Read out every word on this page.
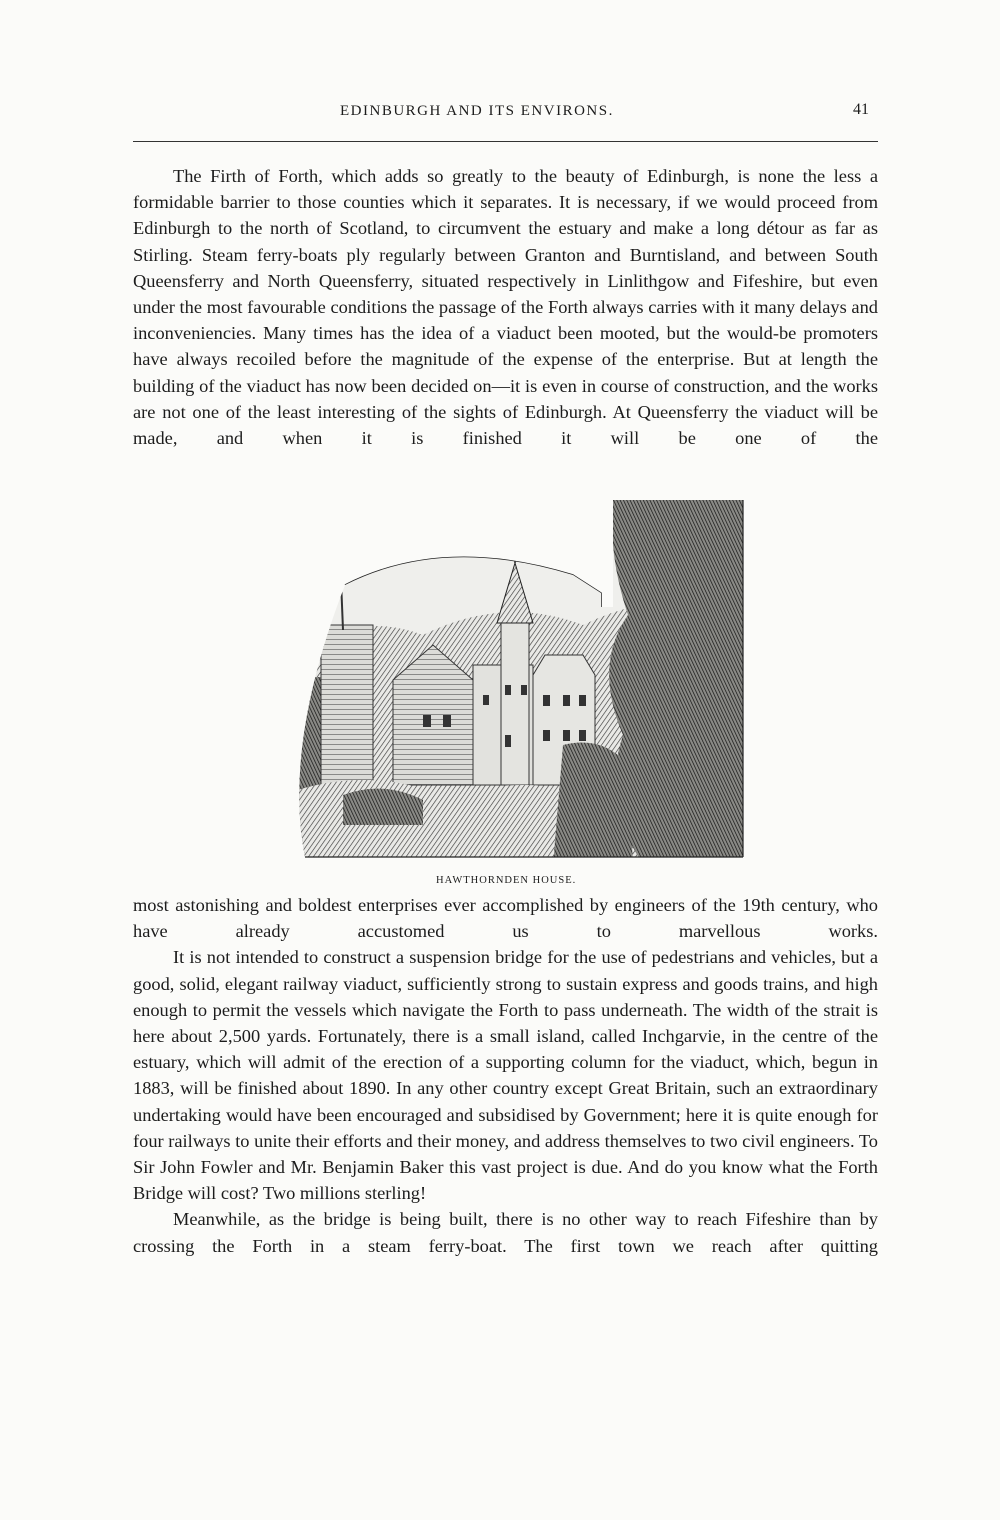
EDINBURGH AND ITS ENVIRONS.	41

The Firth of Forth, which adds so greatly to the beauty of Edinburgh, is none the less a formidable barrier to those counties which it separates. It is necessary, if we would proceed from Edinburgh to the north of Scotland, to circumvent the estuary and make a long détour as far as Stirling. Steam ferry-boats ply regularly between Granton and Burntisland, and between South Queensferry and North Queensferry, situated respectively in Linlithgow and Fifeshire, but even under the most favourable conditions the passage of the Forth always carries with it many delays and inconveniencies. Many times has the idea of a viaduct been mooted, but the would-be promoters have always recoiled before the magnitude of the expense of the enterprise. But at length the building of the viaduct has now been decided on—it is even in course of construction, and the works are not one of the least interesting of the sights of Edinburgh. At Queensferry the viaduct will be made, and when it is finished it will be one of the

HAWTHORNDEN HOUSE.

most astonishing and boldest enterprises ever accomplished by engineers of the 19th century, who have already accustomed us to marvellous works.

It is not intended to construct a suspension bridge for the use of pedestrians and vehicles, but a good, solid, elegant railway viaduct, sufficiently strong to sustain express and goods trains, and high enough to permit the vessels which navigate the Forth to pass underneath. The width of the strait is here about 2,500 yards. Fortunately, there is a small island, called Inchgarvie, in the centre of the estuary, which will admit of the erection of a supporting column for the viaduct, which, begun in 1883, will be finished about 1890. In any other country except Great Britain, such an extraordinary undertaking would have been encouraged and subsidised by Government; here it is quite enough for four railways to unite their efforts and their money, and address themselves to two civil engineers. To Sir John Fowler and Mr. Benjamin Baker this vast project is due. And do you know what the Forth Bridge will cost? Two millions sterling!

Meanwhile, as the bridge is being built, there is no other way to reach Fifeshire than by crossing the Forth in a steam ferry-boat. The first town we reach after quitting
